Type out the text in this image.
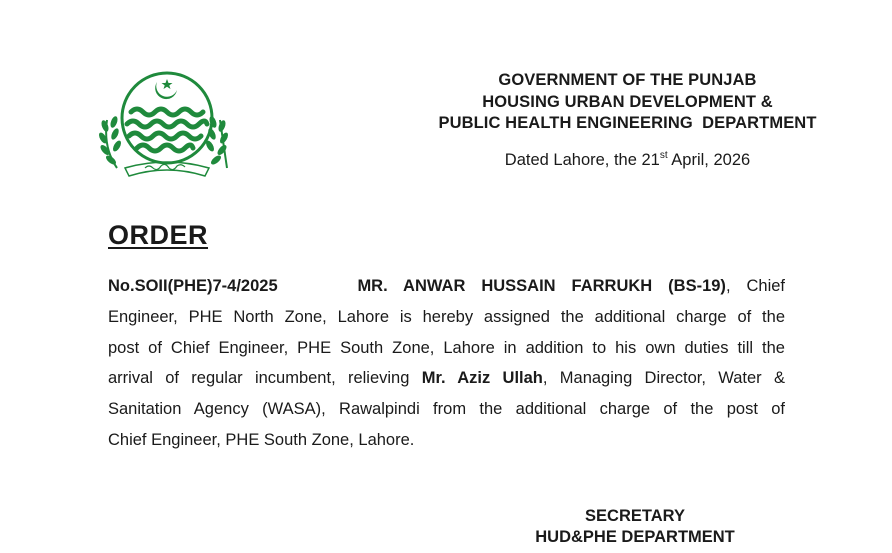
GOVERNMENT OF THE PUNJAB
HOUSING URBAN DEVELOPMENT &
PUBLIC HEALTH ENGINEERING  DEPARTMENT
Dated Lahore, the 21st April, 2026
ORDER
No.SOII(PHE)7-4/2025	MR. ANWAR HUSSAIN FARRUKH (BS-19), Chief
Engineer, PHE North Zone, Lahore is hereby assigned the additional charge of the
post of Chief Engineer, PHE South Zone, Lahore in addition to his own duties till the
arrival of regular incumbent, relieving Mr. Aziz Ullah, Managing Director, Water &
Sanitation Agency (WASA), Rawalpindi from the additional charge of the post of
Chief Engineer, PHE South Zone, Lahore.
SECRETARY
HUD&PHE DEPARTMENT
